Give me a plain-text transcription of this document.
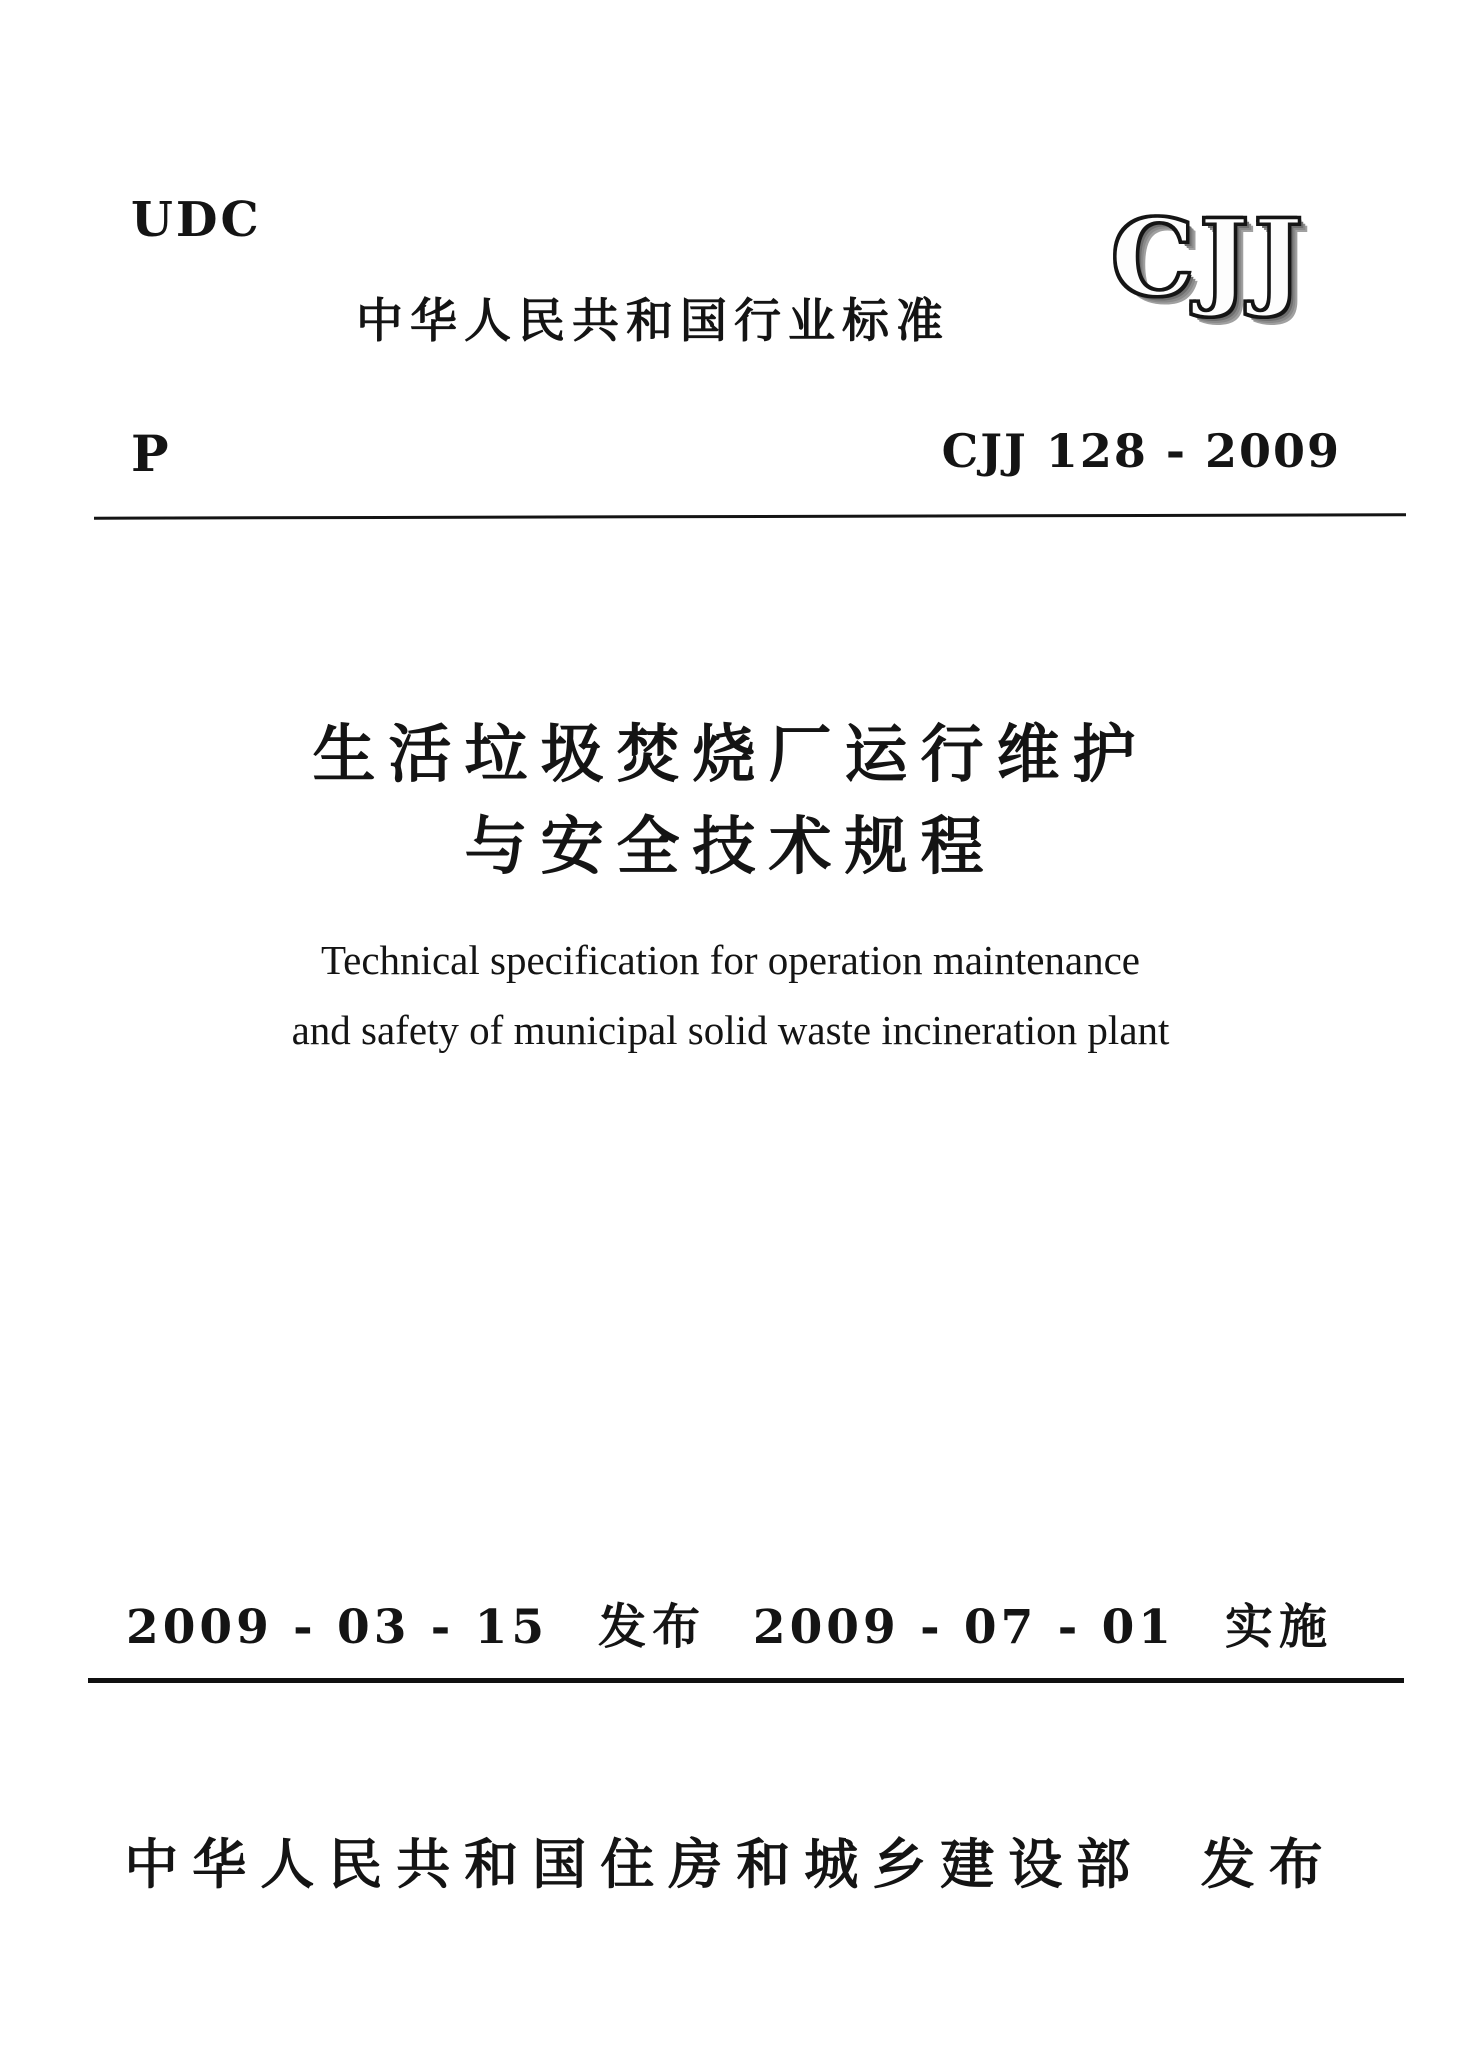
UDC
中华人民共和国行业标准
CJJ
P	CJJ 128 - 2009
生活垃圾焚烧厂运行维护
与安全技术规程
Technical specification for operation maintenance
and safety of municipal solid waste incineration plant
2009 - 03 - 15 发布 2009 - 07 - 01 实施
中华人民共和国住房和城乡建设部 发布
